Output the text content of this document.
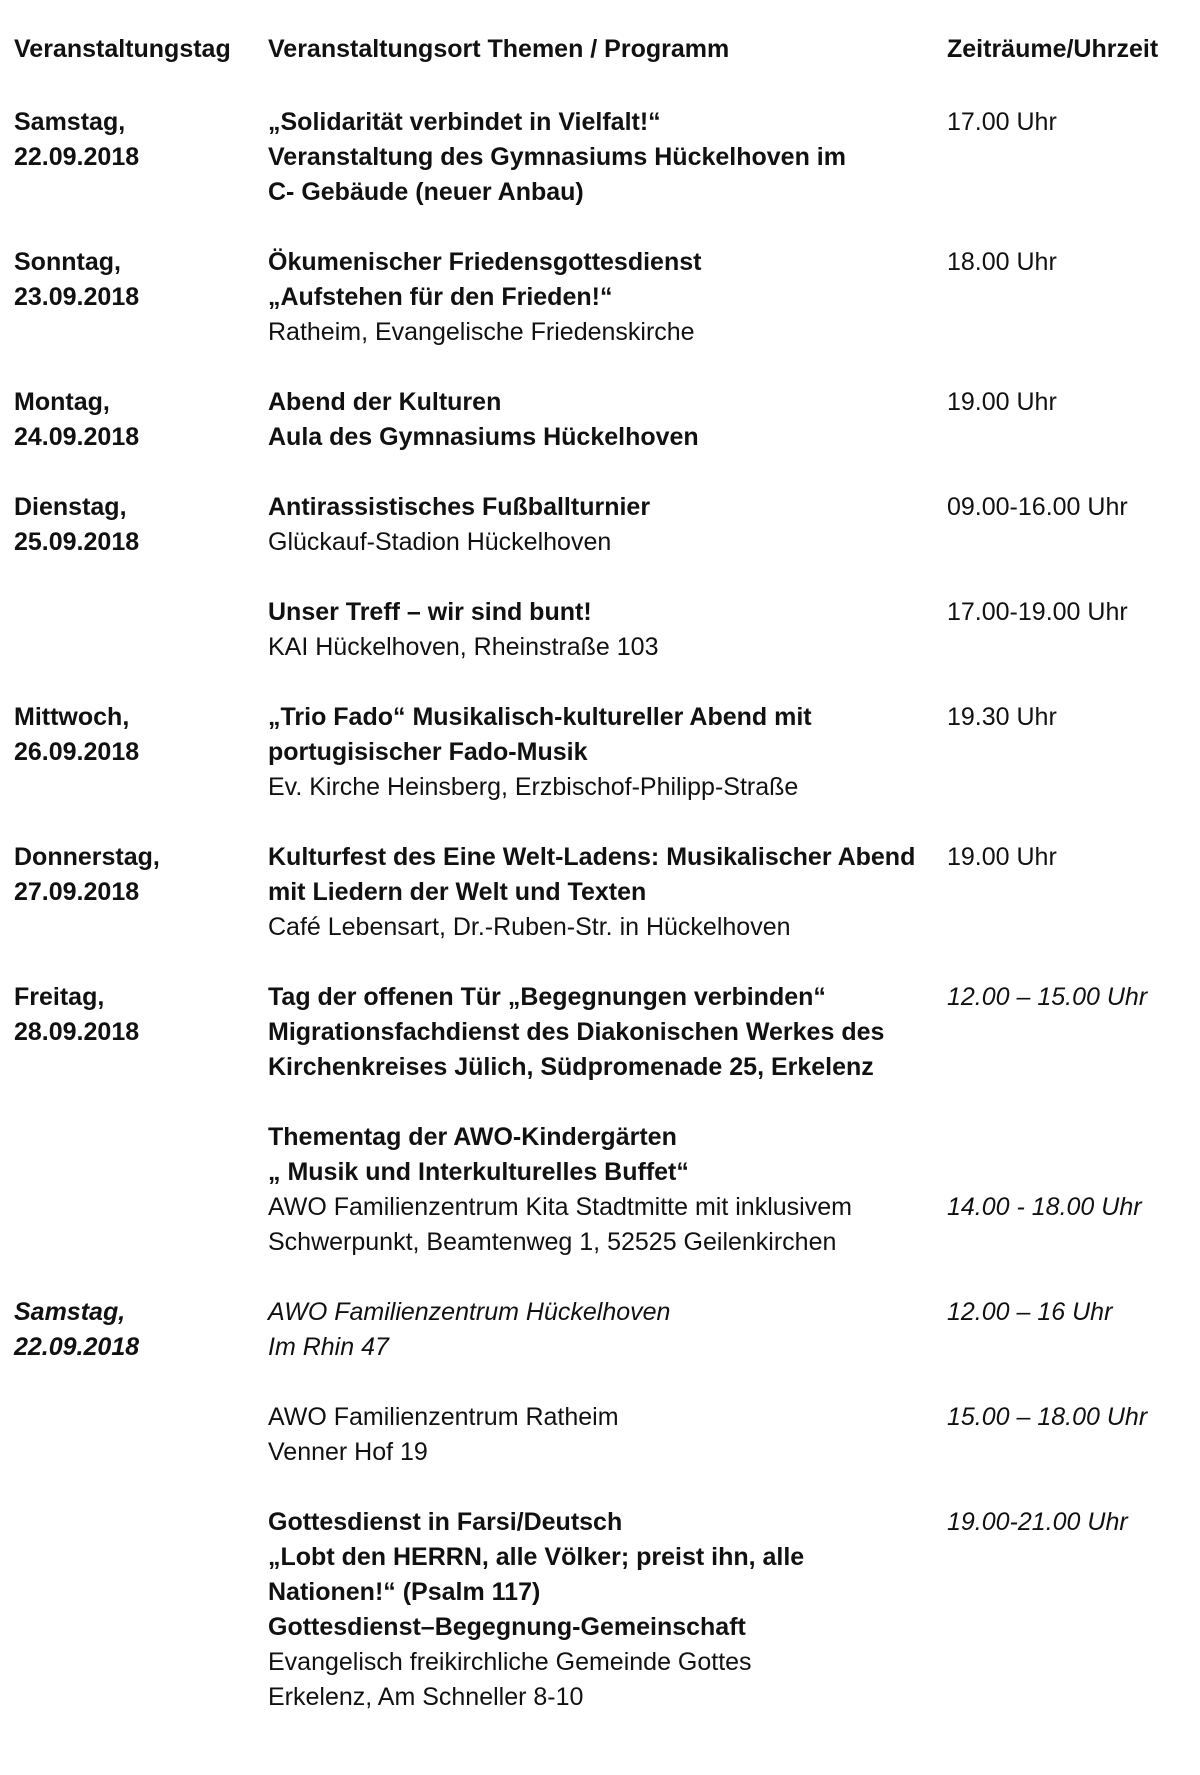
Veranstaltungstag	Veranstaltungsort Themen / Programm	Zeiträume/Uhrzeit
Samstag,
22.09.2018
„Solidarität verbindet in Vielfalt!“
Veranstaltung des Gymnasiums Hückelhoven im
C- Gebäude (neuer Anbau)
17.00 Uhr
Sonntag,
23.09.2018
Ökumenischer Friedensgottesdienst
„Aufstehen für den Frieden!“
Ratheim, Evangelische Friedenskirche
18.00 Uhr
Montag,
24.09.2018
Abend der Kulturen
Aula des Gymnasiums Hückelhoven
19.00 Uhr
Dienstag,
25.09.2018
Antirassistisches Fußballturnier
Glückauf-Stadion Hückelhoven
09.00-16.00 Uhr
Unser Treff – wir sind bunt!
KAI Hückelhoven, Rheinstraße 103
17.00-19.00 Uhr
Mittwoch,
26.09.2018
„Trio Fado“ Musikalisch-kultureller Abend mit
portugisischer Fado-Musik
Ev. Kirche Heinsberg, Erzbischof-Philipp-Straße
19.30 Uhr
Donnerstag,
27.09.2018
Kulturfest des Eine Welt-Ladens: Musikalischer Abend
mit Liedern der Welt und Texten
Café Lebensart, Dr.-Ruben-Str. in Hückelhoven
19.00 Uhr
Freitag,
28.09.2018
Tag der offenen Tür „Begegnungen verbinden“
Migrationsfachdienst des Diakonischen Werkes des
Kirchenkreises Jülich, Südpromenade 25, Erkelenz
12.00 – 15.00 Uhr
Thementag der AWO-Kindergärten
„ Musik und Interkulturelles Buffet“
AWO Familienzentrum Kita Stadtmitte mit inklusivem
Schwerpunkt, Beamtenweg 1, 52525 Geilenkirchen
14.00 - 18.00 Uhr
Samstag,
22.09.2018
AWO Familienzentrum Hückelhoven
Im Rhin 47
12.00 – 16 Uhr
AWO Familienzentrum Ratheim
Venner Hof 19
15.00 – 18.00 Uhr
Gottesdienst in Farsi/Deutsch
„Lobt den HERRN, alle Völker; preist ihn, alle
Nationen!“ (Psalm 117)
Gottesdienst–Begegnung-Gemeinschaft
Evangelisch freikirchliche Gemeinde Gottes
Erkelenz, Am Schneller 8-10
19.00-21.00 Uhr
